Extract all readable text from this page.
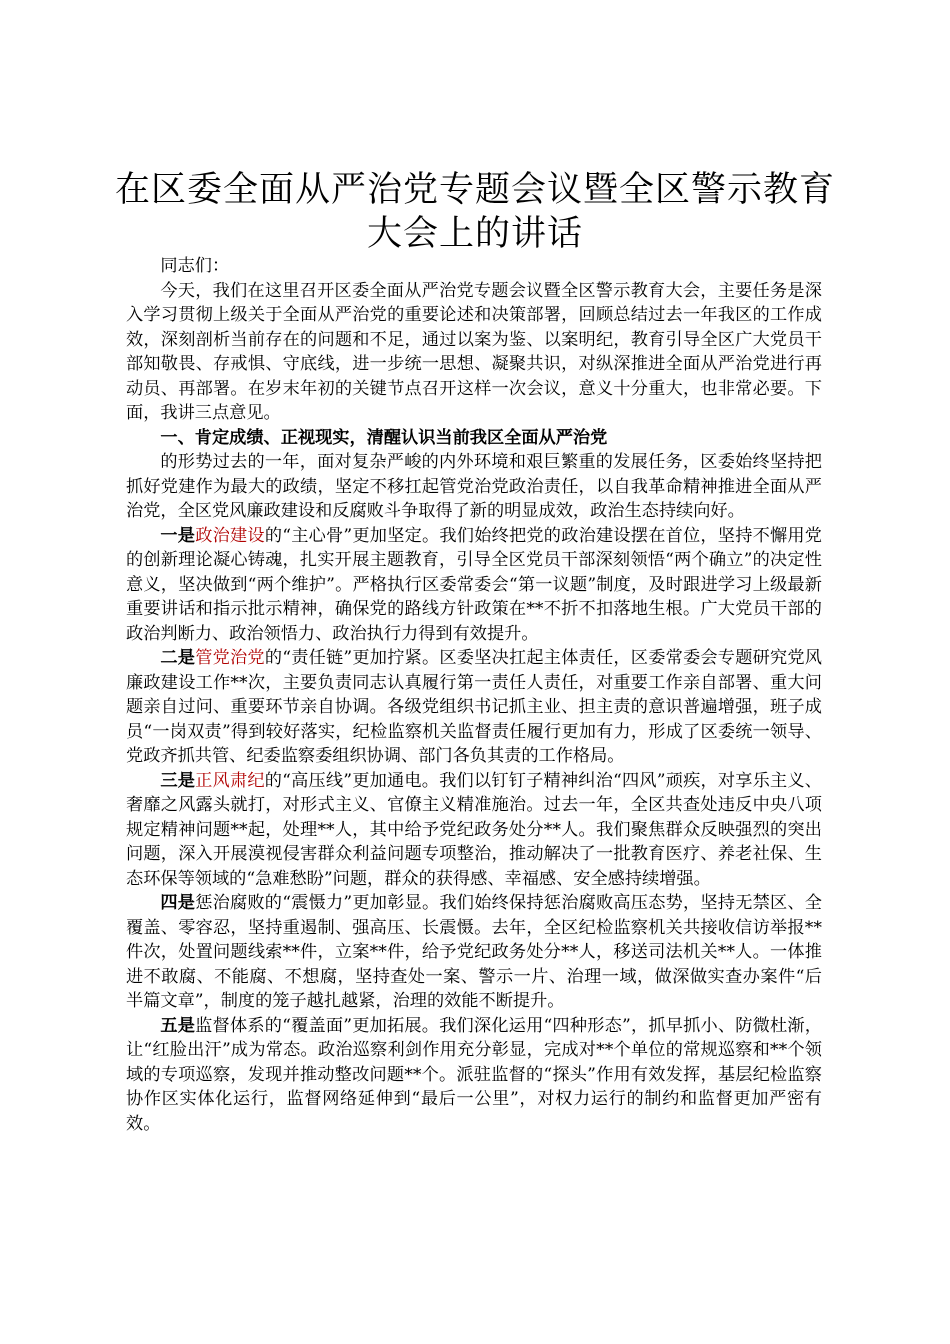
在区委全面从严治党专题会议暨全区警示教育
大会上的讲话

同志们：

今天，我们在这里召开区委全面从严治党专题会议暨全区警示教育大会，主要任务是深入学习贯彻上级关于全面从严治党的重要论述和决策部署，回顾总结过去一年我区的工作成效，深刻剖析当前存在的问题和不足，通过以案为鉴、以案明纪，教育引导全区广大党员干部知敬畏、存戒惧、守底线，进一步统一思想、凝聚共识，对纵深推进全面从严治党进行再动员、再部署。在岁末年初的关键节点召开这样一次会议，意义十分重大，也非常必要。下面，我讲三点意见。

一、肯定成绩、正视现实，清醒认识当前我区全面从严治党

的形势过去的一年，面对复杂严峻的内外环境和艰巨繁重的发展任务，区委始终坚持把抓好党建作为最大的政绩，坚定不移扛起管党治党政治责任，以自我革命精神推进全面从严治党，全区党风廉政建设和反腐败斗争取得了新的明显成效，政治生态持续向好。

一是政治建设的“主心骨”更加坚定。我们始终把党的政治建设摆在首位，坚持不懈用党的创新理论凝心铸魂，扎实开展主题教育，引导全区党员干部深刻领悟“两个确立”的决定性意义，坚决做到“两个维护”。严格执行区委常委会“第一议题”制度，及时跟进学习上级最新重要讲话和指示批示精神，确保党的路线方针政策在**不折不扣落地生根。广大党员干部的政治判断力、政治领悟力、政治执行力得到有效提升。

二是管党治党的“责任链”更加拧紧。区委坚决扛起主体责任，区委常委会专题研究党风廉政建设工作**次，主要负责同志认真履行第一责任人责任，对重要工作亲自部署、重大问题亲自过问、重要环节亲自协调。各级党组织书记抓主业、担主责的意识普遍增强，班子成员“一岗双责”得到较好落实，纪检监察机关监督责任履行更加有力，形成了区委统一领导、党政齐抓共管、纪委监察委组织协调、部门各负其责的工作格局。

三是正风肃纪的“高压线”更加通电。我们以钉钉子精神纠治“四风”顽疾，对享乐主义、奢靡之风露头就打，对形式主义、官僚主义精准施治。过去一年，全区共查处违反中央八项规定精神问题**起，处理**人，其中给予党纪政务处分**人。我们聚焦群众反映强烈的突出问题，深入开展漠视侵害群众利益问题专项整治，推动解决了一批教育医疗、养老社保、生态环保等领域的“急难愁盼”问题，群众的获得感、幸福感、安全感持续增强。

四是惩治腐败的“震慑力”更加彰显。我们始终保持惩治腐败高压态势，坚持无禁区、全覆盖、零容忍，坚持重遏制、强高压、长震慑。去年，全区纪检监察机关共接收信访举报**件次，处置问题线索**件，立案**件，给予党纪政务处分**人，移送司法机关**人。一体推进不敢腐、不能腐、不想腐，坚持查处一案、警示一片、治理一域，做深做实查办案件“后半篇文章”，制度的笼子越扎越紧，治理的效能不断提升。

五是监督体系的“覆盖面”更加拓展。我们深化运用“四种形态”，抓早抓小、防微杜渐，让“红脸出汗”成为常态。政治巡察利剑作用充分彰显，完成对**个单位的常规巡察和**个领域的专项巡察，发现并推动整改问题**个。派驻监督的“探头”作用有效发挥，基层纪检监察协作区实体化运行，监督网络延伸到“最后一公里”，对权力运行的制约和监督更加严密有效。
